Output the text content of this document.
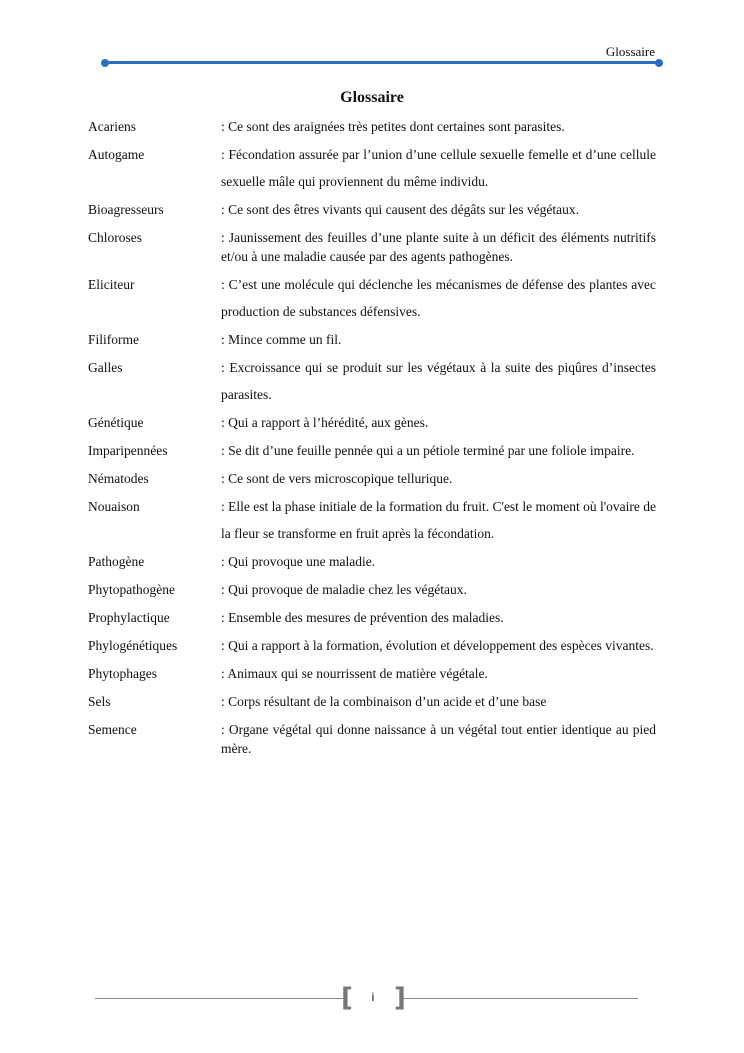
Glossaire
Glossaire
Acariens	: Ce sont des araignées très petites dont certaines sont parasites.
Autogame	: Fécondation assurée par l’union d’une cellule sexuelle femelle et d’une cellule sexuelle mâle qui proviennent du même individu.
Bioagresseurs	: Ce sont des êtres vivants qui causent des dégâts sur les végétaux.
Chloroses	: Jaunissement des feuilles d’une plante suite à un déficit des éléments nutritifs et/ou à une maladie causée par des agents pathogènes.
Eliciteur	: C’est une molécule qui déclenche les mécanismes de défense des plantes avec production de substances défensives.
Filiforme	: Mince comme un fil.
Galles	: Excroissance qui se produit sur les végétaux à la suite des piqûres d’insectes parasites.
Génétique	: Qui a rapport à l’hérédité, aux gènes.
Imparipennées	: Se dit d’une feuille pennée qui a un pétiole terminé par une foliole impaire.
Nématodes	: Ce sont de vers microscopique tellurique.
Nouaison	: Elle est la phase initiale de la formation du fruit. C'est le moment où l'ovaire de la fleur se transforme en fruit après la fécondation.
Pathogène	: Qui provoque une maladie.
Phytopathogène	: Qui provoque de maladie chez les végétaux.
Prophylactique	: Ensemble des mesures de prévention des maladies.
Phylogénétiques	: Qui a rapport à la formation, évolution et développement des espèces vivantes.
Phytophages	: Animaux qui se nourrissent de matière végétale.
Sels	: Corps résultant de la combinaison d’un acide et d’une base
Semence	: Organe végétal qui donne naissance à un végétal tout entier identique au pied mère.
[ ]
i
